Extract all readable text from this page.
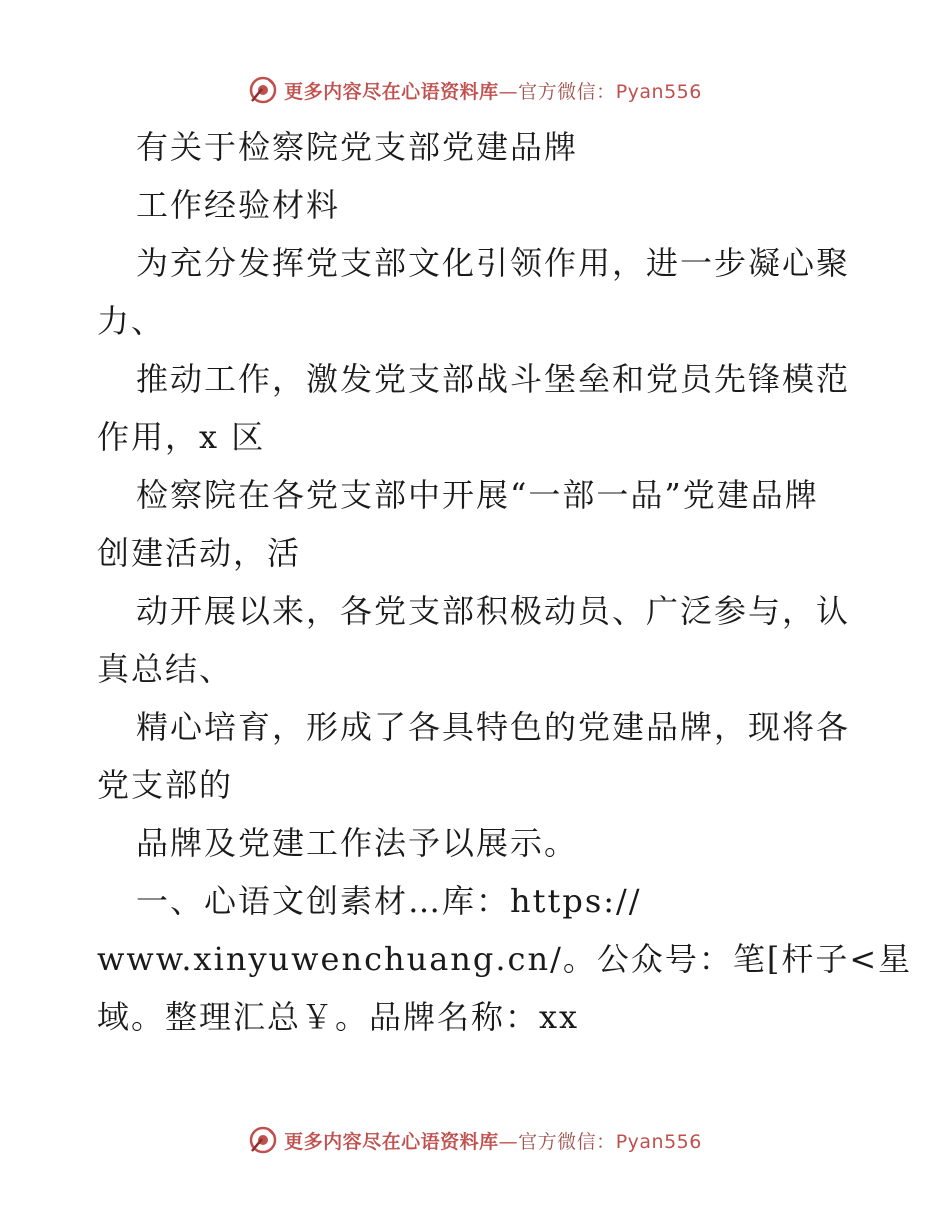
更多内容尽在心语资料库—官方微信：Pyan556
有关于检察院党支部党建品牌
工作经验材料
为充分发挥党支部文化引领作用，进一步凝心聚
力、
推动工作，激发党支部战斗堡垒和党员先锋模范
作用，x 区
检察院在各党支部中开展“一部一品”党建品牌
创建活动，活
动开展以来，各党支部积极动员、广泛参与，认
真总结、
精心培育，形成了各具特色的党建品牌，现将各
党支部的
品牌及党建工作法予以展示。
一、心语文创素材…库：https://
www.xinyuwenchuang.cn/。公众号：笔[杆子<星
域。整理汇总￥。品牌名称：xx
更多内容尽在心语资料库—官方微信：Pyan556
